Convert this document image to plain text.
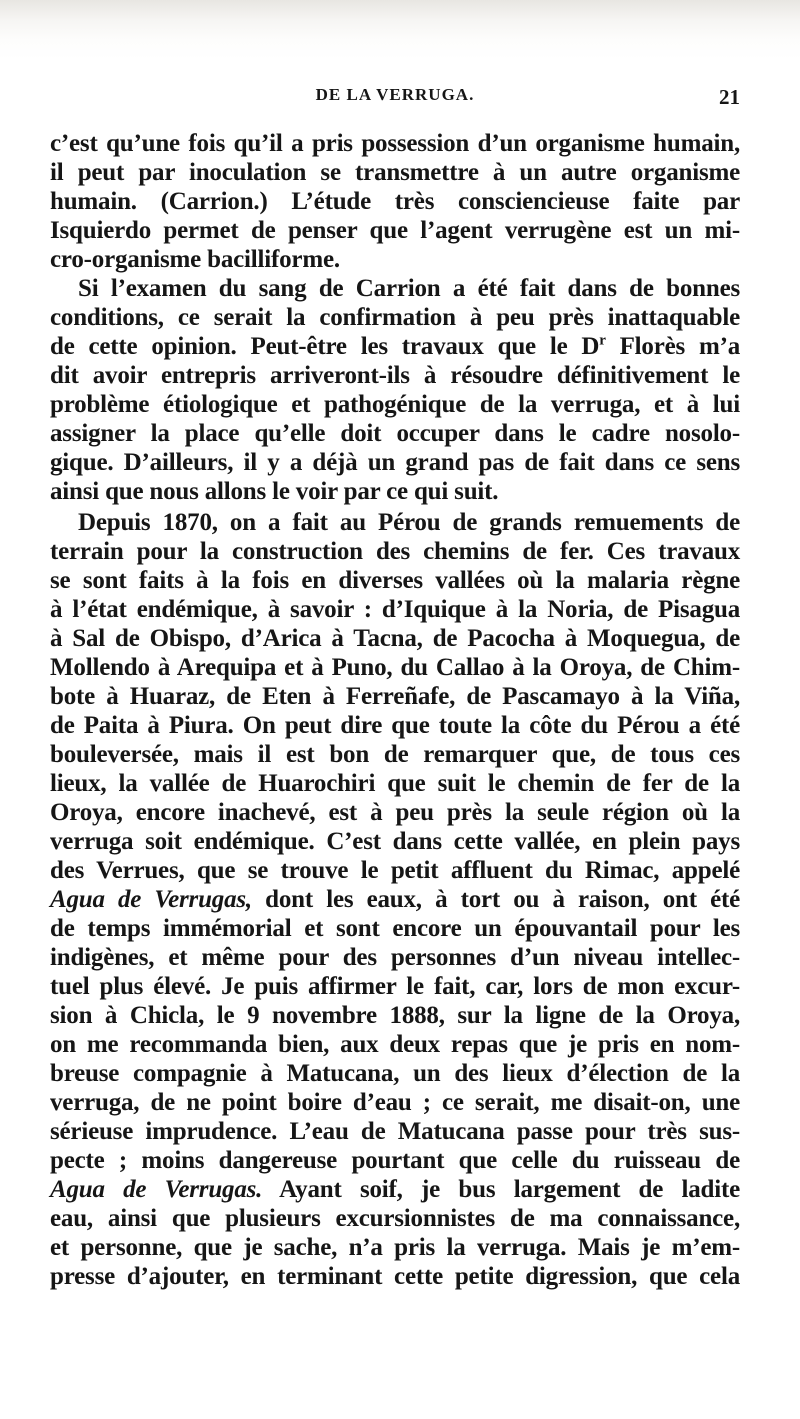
DE LA VERRUGA.	21
c’est qu’une fois qu’il a pris possession d’un organisme humain,
il peut par inoculation se transmettre à un autre organisme
humain. (Carrion.) L’étude très consciencieuse faite par
Isquierdo permet de penser que l’agent verrugène est un mi-
cro-organisme bacilliforme.
Si l’examen du sang de Carrion a été fait dans de bonnes
conditions, ce serait la confirmation à peu près inattaquable
de cette opinion. Peut-être les travaux que le $D^r$ Florès m’a
dit avoir entrepris arriveront-ils à résoudre définitivement le
problème étiologique et pathogénique de la verruga, et à lui
assigner la place qu’elle doit occuper dans le cadre nosolo-
gique. D’ailleurs, il y a déjà un grand pas de fait dans ce sens
ainsi que nous allons le voir par ce qui suit.
Depuis 1870, on a fait au Pérou de grands remuements de
terrain pour la construction des chemins de fer. Ces travaux
se sont faits à la fois en diverses vallées où la malaria règne
à l’état endémique, à savoir : d’Iquique à la Noria, de Pisagua
à Sal de Obispo, d’Arica à Tacna, de Pacocha à Moquegua, de
Mollendo à Arequipa et à Puno, du Callao à la Oroya, de Chim-
bote à Huaraz, de Eten à Ferreñafe, de Pascamayo à la Viña,
de Paita à Piura. On peut dire que toute la côte du Pérou a été
bouleversée, mais il est bon de remarquer que, de tous ces
lieux, la vallée de Huarochiri que suit le chemin de fer de la
Oroya, encore inachevé, est à peu près la seule région où la
verruga soit endémique. C’est dans cette vallée, en plein pays
des Verrues, que se trouve le petit affluent du Rimac, appelé
Agua de Verrugas, dont les eaux, à tort ou à raison, ont été
de temps immémorial et sont encore un épouvantail pour les
indigènes, et même pour des personnes d’un niveau intellec-
tuel plus élevé. Je puis affirmer le fait, car, lors de mon excur-
sion à Chicla, le 9 novembre 1888, sur la ligne de la Oroya,
on me recommanda bien, aux deux repas que je pris en nom-
breuse compagnie à Matucana, un des lieux d’élection de la
verruga, de ne point boire d’eau ; ce serait, me disait-on, une
sérieuse imprudence. L’eau de Matucana passe pour très sus-
pecte ; moins dangereuse pourtant que celle du ruisseau de
Agua de Verrugas. Ayant soif, je bus largement de ladite
eau, ainsi que plusieurs excursionnistes de ma connaissance,
et personne, que je sache, n’a pris la verruga. Mais je m’em-
presse d’ajouter, en terminant cette petite digression, que cela
